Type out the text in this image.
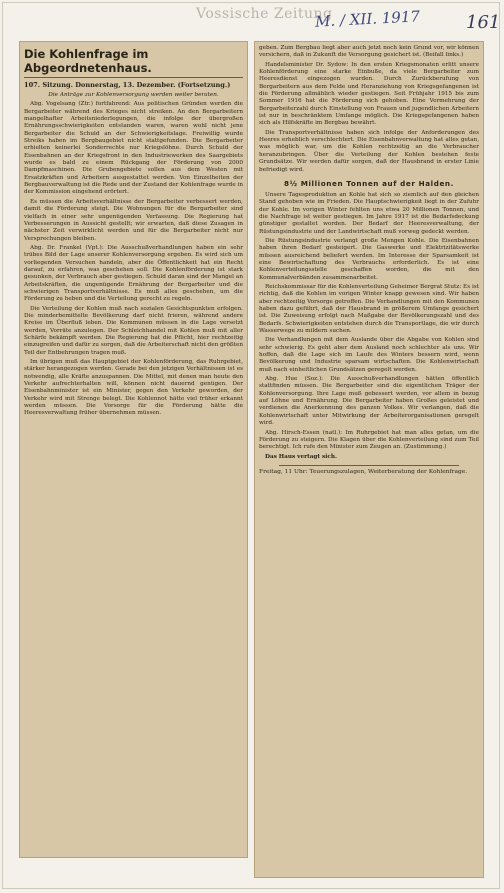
Vossische Zeitung
M. / XII. 1917	161
Die Kohlenfrage im Abgeordnetenhaus.
107. Sitzung. Donnerstag, 13. Dezember. (Fortsetzung.)

Die Anträge zur Kohlenversorgung werden weiter beraten.

Abg. Vogelsang (Ztr.) fortfahrend: Aus politischen Gründen werden die Bergarbeiter während des Krieges nicht streiken. An den Bergarbeitern mangelhafter Arbeitsniederlegungen, die infolge der übergroßen Ernährungsschwierigkeiten entstanden waren, waren wohl nicht jene Bergarbeiter die Schuld an der Schwierigkeitslage. Freiwillig wurde Streiks haben im Bergbaugebiet nicht stattgefunden. Die Bergarbeiter erhielten keinerlei Sonderrechte nur Kriegslöhne. Durch Schuld der Eisenbahnen an der Kriegsfront in den Industriewerken des Saargebiets wurde es bald zu einem Rückgang der Förderung von 2000 Dampfmaschinen. Die Grubengebiete sollen aus dem Westen mit Ersatzkräften und Arbeitern ausgestattet werden. Von Einzelheiten der Bergbauverwaltung ist die Rede und der Zustand der Kohlenfrage wurde in der Kommission eingehend erörtert.

Es müssen die Arbeitsverhältnisse der Bergarbeiter verbessert werden, damit die Förderung steigt. Die Wohnungen für die Bergarbeiter sind vielfach in einer sehr ungenügenden Verfassung. Die Regierung hat Verbesserungen in Aussicht gestellt; wir erwarten, daß diese Zusagen in nächster Zeit verwirklicht werden und für die Bergarbeiter nicht nur Versprechungen bleiben.

Abg. Dr. Frankel (Vpt.): Die Ausschußverhandlungen haben ein sehr trübes Bild der Lage unserer Kohlenversorgung ergeben. Es wird sich um vorliegenden Versuchen handeln, aber die Öffentlichkeit hat ein Recht darauf, zu erfahren, was geschehen soll. Die Kohlenförderung ist stark gesunken, der Verbrauch aber gestiegen. Schuld daran sind der Mangel an Arbeitskräften, die ungenügende Ernährung der Bergarbeiter und die schwierigen Transportverhältnisse. Es muß alles geschehen, um die Förderung zu heben und die Verteilung gerecht zu regeln.

Die Verteilung der Kohlen muß nach sozialen Gesichtspunkten erfolgen. Die minderbemittelte Bevölkerung darf nicht frieren, während andere Kreise im Überfluß leben. Die Kommunen müssen in die Lage versetzt werden, Vorräte anzulegen. Der Schleichhandel mit Kohlen muß mit aller Schärfe bekämpft werden. Die Regierung hat die Pflicht, hier rechtzeitig einzugreifen und dafür zu sorgen, daß die Arbeiterschaft nicht den größten Teil der Entbehrungen tragen muß.

Im übrigen muß das Hauptgebiet der Kohlenförderung, das Ruhrgebiet, stärker herangezogen werden. Gerade bei den jetzigen Verhältnissen ist es notwendig, alle Kräfte anzuspannen. Die Mittel, mit denen man heute den Verkehr aufrechterhalten will, können nicht dauernd genügen. Der Eisenbahnminister ist ein Minister, gegen den Verkehr geworden, der Verkehr wird mit Strenge belegt. Die Kohlennot hätte viel früher erkannt werden müssen. Die Vorsorge für die Förderung hätte die Heeresverwaltung früher übernehmen müssen.

geben. Zum Bergbau liegt aber auch jetzt noch kein Grund vor, wir können versichern, daß in Zukunft die Versorgung gesichert ist. (Beifall links.)

Handelsminister Dr. Sydow: In den ersten Kriegsmonaten erlitt unsere Kohlenförderung eine starke Einbuße, da viele Bergarbeiter zum Heeresdienst eingezogen wurden. Durch Zurückberufung von Bergarbeitern aus dem Felde und Heranziehung von Kriegsgefangenen ist die Förderung allmählich wieder gestiegen. Seit Frühjahr 1915 bis zum Sommer 1916 hat die Förderung sich gehoben. Eine Vermehrung der Bergarbeiterzahl durch Einstellung von Frauen und jugendlichen Arbeitern ist nur in beschränktem Umfange möglich. Die Kriegsgefangenen haben sich als Hilfskräfte im Bergbau bewährt.

Die Transportverhältnisse haben sich infolge der Anforderungen des Heeres erheblich verschlechtert. Die Eisenbahnverwaltung hat alles getan, was möglich war, um die Kohlen rechtzeitig an die Verbraucher heranzubringen. Über die Verteilung der Kohlen bestehen feste Grundsätze. Wir werden dafür sorgen, daß der Hausbrand in erster Linie befriedigt wird.

8½ Millionen Tonnen auf der Halden.

Unsere Tagesproduktion an Kohle hat sich so ziemlich auf den gleichen Stand gehoben wie im Frieden. Die Hauptschwierigkeit liegt in der Zufuhr der Kohle. Im vorigen Winter fehlten uns etwa 20 Millionen Tonnen, und die Nachfrage ist weiter gestiegen. Im Jahre 1917 ist die Bedarfsdeckung günstiger gestaltet worden. Der Bedarf der Heeresverwaltung, der Rüstungsindustrie und der Landwirtschaft muß vorweg gedeckt werden.

Die Rüstungsindustrie verlangt große Mengen Kohle. Die Eisenbahnen haben ihren Bedarf gesteigert. Die Gaswerke und Elektrizitätswerke müssen ausreichend beliefert werden. Im Interesse der Sparsamkeit ist eine Bewirtschaftung des Verbrauchs erforderlich. Es ist eine Kohlenverteilungsstelle geschaffen worden, die mit den Kommunalverbänden zusammenarbeitet.

Reichskommissar für die Kohlenverteilung Geheimer Bergrat Stutz: Es ist richtig, daß die Kohlen im vorigen Winter knapp gewesen sind. Wir haben aber rechtzeitig Vorsorge getroffen. Die Verhandlungen mit den Kommunen haben dazu geführt, daß der Hausbrand in größerem Umfange gesichert ist. Die Zuweisung erfolgt nach Maßgabe der Bevölkerungszahl und des Bedarfs. Schwierigkeiten entstehen durch die Transportlage, die wir durch Wasserwege zu mildern suchen.

Die Verhandlungen mit dem Auslande über die Abgabe von Kohlen sind sehr schwierig. Es geht aber dem Ausland noch schlechter als uns. Wir hoffen, daß die Lage sich im Laufe des Winters bessern wird, wenn Bevölkerung und Industrie sparsam wirtschaften. Die Kohlenwirtschaft muß nach einheitlichen Grundsätzen geregelt werden.

Abg. Hue (Soz.): Die Ausschußverhandlungen hätten öffentlich stattfinden müssen. Die Bergarbeiter sind die eigentlichen Träger der Kohlenversorgung. Ihre Lage muß gebessert werden, vor allem in bezug auf Löhne und Ernährung. Die Bergarbeiter haben Großes geleistet und verdienen die Anerkennung des ganzen Volkes. Wir verlangen, daß die Kohlenwirtschaft unter Mitwirkung der Arbeiterorganisationen geregelt wird.

Abg. Hirsch-Essen (natl.): Im Ruhrgebiet hat man alles getan, um die Förderung zu steigern. Die Klagen über die Kohlenverteilung sind zum Teil berechtigt. Ich rufe den Minister zum Zeugen an. (Zustimmung.)

Das Haus vertagt sich.

Freitag, 11 Uhr: Teuerungszulagen, Weiterberatung der Kohlenfrage.
